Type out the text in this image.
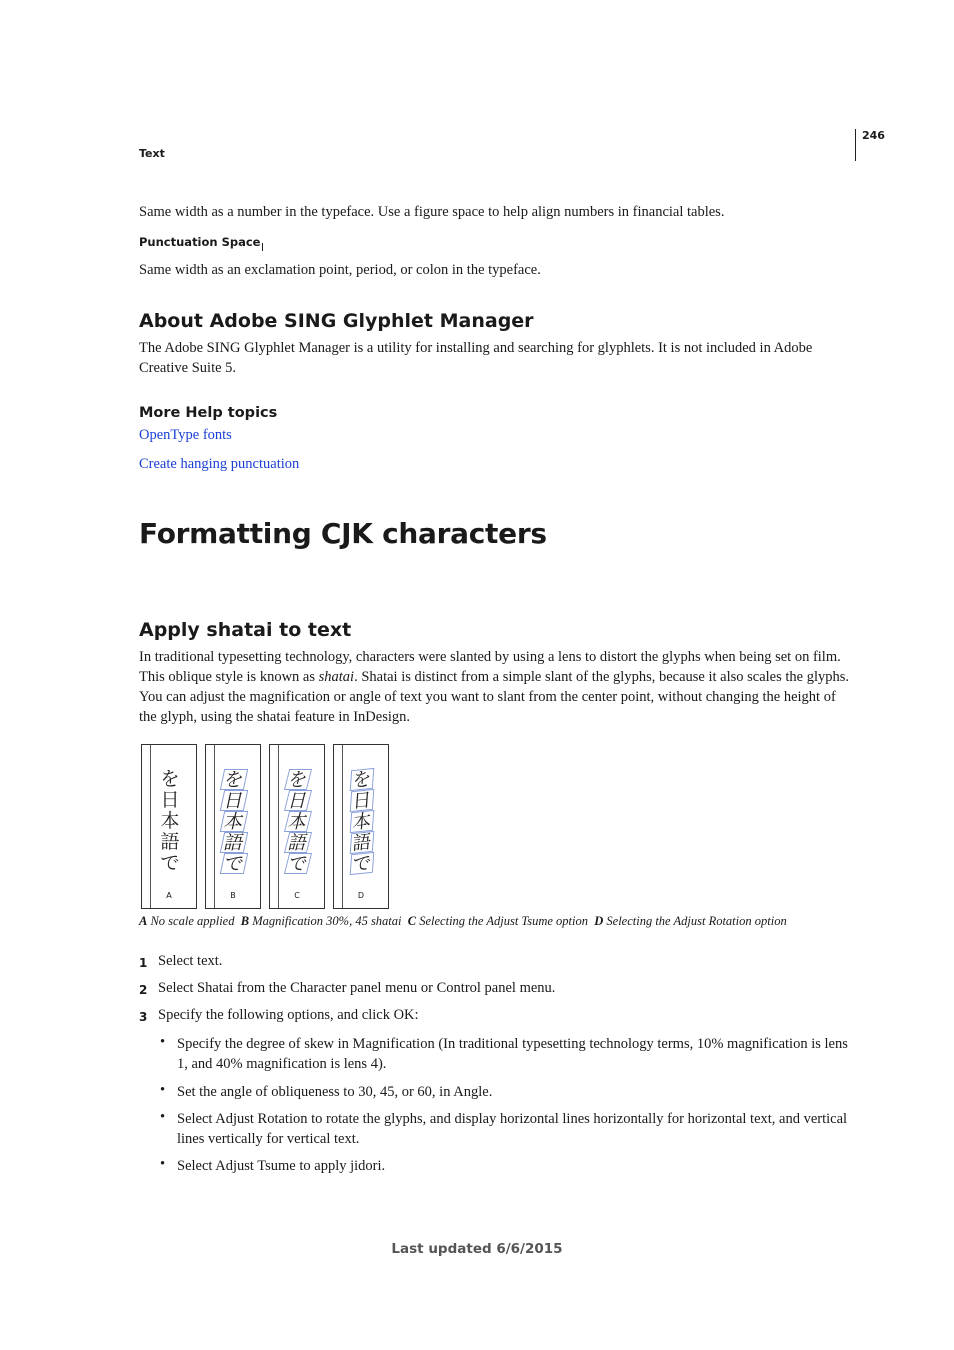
246
Text
Same width as a number in the typeface. Use a figure space to help align numbers in financial tables.
Punctuation Space
Same width as an exclamation point, period, or colon in the typeface.
About Adobe SING Glyphlet Manager
The Adobe SING Glyphlet Manager is a utility for installing and searching for glyphlets. It is not included in Adobe Creative Suite 5.
More Help topics
OpenType fonts
Create hanging punctuation
Formatting CJK characters
Apply shatai to text
In traditional typesetting technology, characters were slanted by using a lens to distort the glyphs when being set on film. This oblique style is known as shatai. Shatai is distinct from a simple slant of the glyphs, because it also scales the glyphs. You can adjust the magnification or angle of text you want to slant from the center point, without changing the height of the glyph, using the shatai feature in InDesign.
を
日
本
語
で
A
を
日
本
語
で
B
を
日
本
語
で
C
を
日
本
語
で
D
A No scale applied B Magnification 30%, 45 shatai C Selecting the Adjust Tsume option D Selecting the Adjust Rotation option
1 Select text.
2 Select Shatai from the Character panel menu or Control panel menu.
3 Specify the following options, and click OK:
• Specify the degree of skew in Magnification (In traditional typesetting technology terms, 10% magnification is lens 1, and 40% magnification is lens 4).
• Set the angle of obliqueness to 30, 45, or 60, in Angle.
• Select Adjust Rotation to rotate the glyphs, and display horizontal lines horizontally for horizontal text, and vertical lines vertically for vertical text.
• Select Adjust Tsume to apply jidori.
Last updated 6/6/2015
